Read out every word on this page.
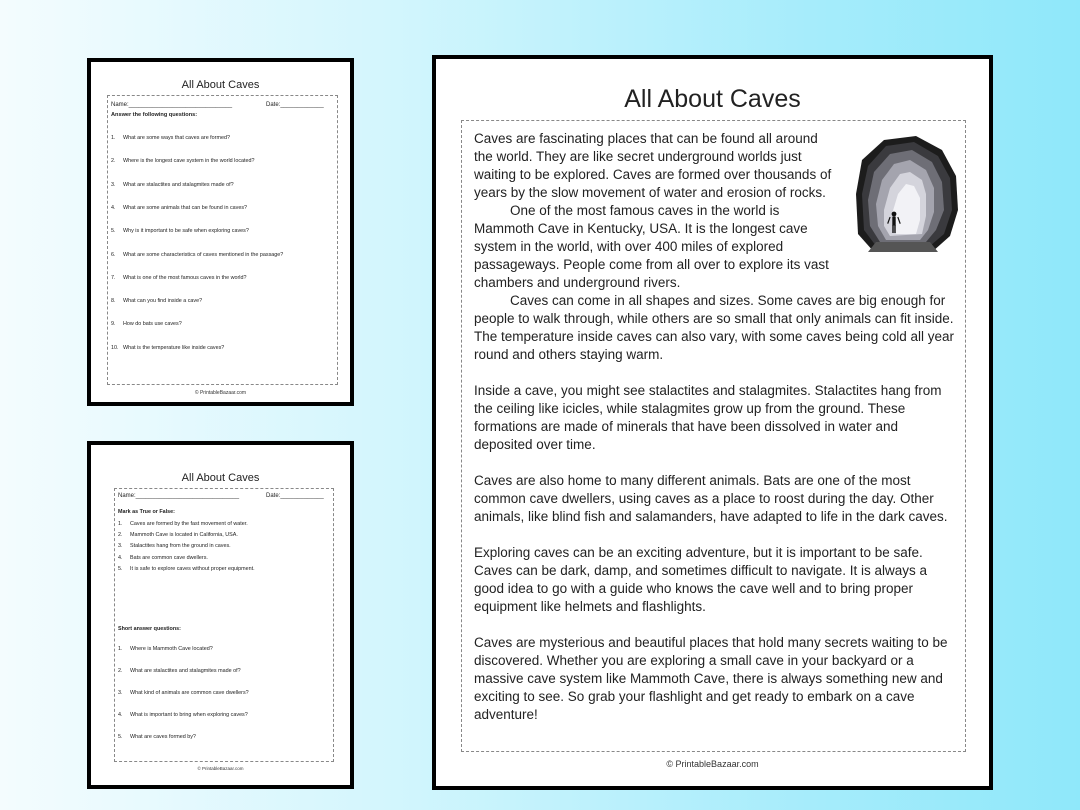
All About Caves
Name:_______________________________	Date:_____________
Answer the following questions:
1. What are some ways that caves are formed?
2. Where is the longest cave system in the world located?
3. What are stalactites and stalagmites made of?
4. What are some animals that can be found in caves?
5. Why is it important to be safe when exploring caves?
6. What are some characteristics of caves mentioned in the passage?
7. What is one of the most famous caves in the world?
8. What can you find inside a cave?
9. How do bats use caves?
10. What is the temperature like inside caves?
© PrintableBazaar.com
All About Caves
Name:_______________________________	Date:_____________
Mark as True or False:
1. Caves are formed by the fast movement of water.
2. Mammoth Cave is located in California, USA.
3. Stalactites hang from the ground in caves.
4. Bats are common cave dwellers.
5. It is safe to explore caves without proper equipment.
Short answer questions:
1. Where is Mammoth Cave located?
2. What are stalactites and stalagmites made of?
3. What kind of animals are common cave dwellers?
4. What is important to bring when exploring caves?
5. What are caves formed by?
© PrintableBazaar.com
All About Caves

Caves are fascinating places that can be found all around the world. They are like secret underground worlds just waiting to be explored. Caves are formed over thousands of years by the slow movement of water and erosion of rocks.

One of the most famous caves in the world is Mammoth Cave in Kentucky, USA. It is the longest cave system in the world, with over 400 miles of explored passageways. People come from all over to explore its vast chambers and underground rivers.

Caves can come in all shapes and sizes. Some caves are big enough for people to walk through, while others are so small that only animals can fit inside. The temperature inside caves can also vary, with some caves being cold all year round and others staying warm.

Inside a cave, you might see stalactites and stalagmites. Stalactites hang from the ceiling like icicles, while stalagmites grow up from the ground. These formations are made of minerals that have been dissolved in water and deposited over time.

Caves are also home to many different animals. Bats are one of the most common cave dwellers, using caves as a place to roost during the day. Other animals, like blind fish and salamanders, have adapted to life in the dark caves.

Exploring caves can be an exciting adventure, but it is important to be safe. Caves can be dark, damp, and sometimes difficult to navigate. It is always a good idea to go with a guide who knows the cave well and to bring proper equipment like helmets and flashlights.

Caves are mysterious and beautiful places that hold many secrets waiting to be discovered. Whether you are exploring a small cave in your backyard or a massive cave system like Mammoth Cave, there is always something new and exciting to see. So grab your flashlight and get ready to embark on a cave adventure!

© PrintableBazaar.com
